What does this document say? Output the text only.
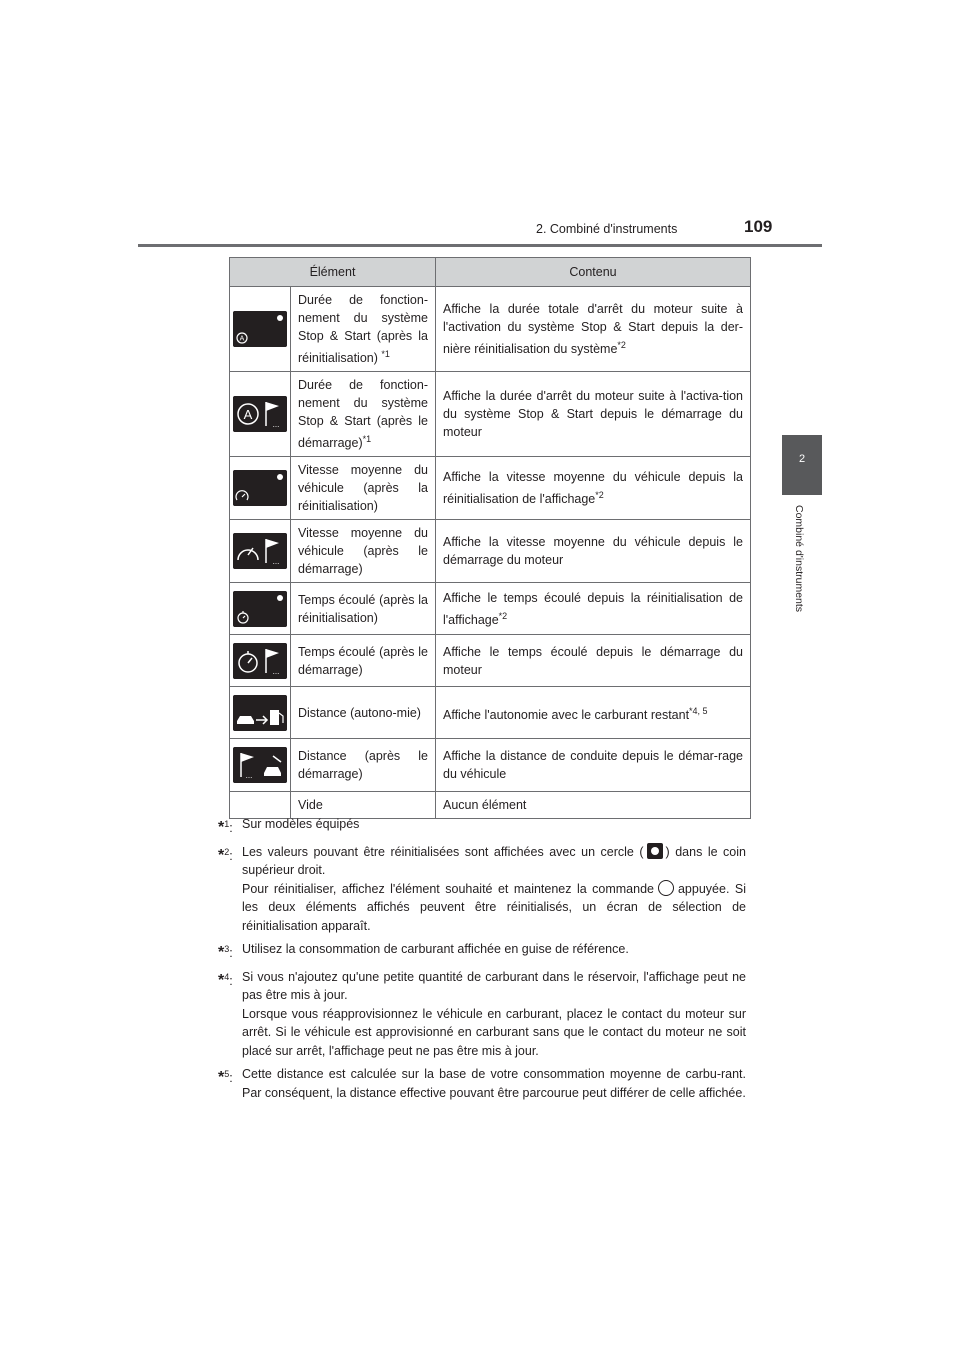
2. Combiné d'instruments	109
2
Combiné d'instruments
Élément		Contenu

A	Durée de fonction-nement du système Stop & Start (après la réinitialisation) $^{*1}$	Affiche la durée totale d'arrêt du moteur suite à l'activation du système Stop & Start depuis la der-nière réinitialisation du système$^{*2}$

A
...	Durée de fonction-nement du système Stop & Start (après le démarrage)$^{*1}$	Affiche la durée d'arrêt du moteur suite à l'activa-tion du système Stop & Start depuis le démarrage du moteur

	Vitesse moyenne du véhicule (après la réinitialisation)	Affiche la vitesse moyenne du véhicule depuis la réinitialisation de l'affichage$^{*2}$

...	Vitesse moyenne du véhicule (après le démarrage)	Affiche la vitesse moyenne du véhicule depuis le démarrage du moteur

	Temps écoulé (après la réinitialisation)	Affiche le temps écoulé depuis la réinitialisation de l'affichage$^{*2}$

...	Temps écoulé (après le démarrage)	Affiche le temps écoulé depuis le démarrage du moteur

	Distance (autono-mie)	Affiche l'autonomie avec le carburant restant$^{*4, 5}$

...	Distance (après le démarrage)	Affiche la distance de conduite depuis le démar-rage du véhicule
	Vide	Aucun élément
*$^1$: Sur modèles équipés

*$^2$: Les valeurs pouvant être réinitialisées sont affichées avec un cercle ( ) dans le coin supérieur droit.

Pour réinitialiser, affichez l'élément souhaité et maintenez la commande appuyée. Si les deux éléments affichés peuvent être réinitialisés, un écran de sélection de réinitialisation apparaît.

*$^3$: Utilisez la consommation de carburant affichée en guise de référence.

*$^4$: Si vous n'ajoutez qu'une petite quantité de carburant dans le réservoir, l'affichage peut ne pas être mis à jour.

Lorsque vous réapprovisionnez le véhicule en carburant, placez le contact du moteur sur arrêt. Si le véhicule est approvisionné en carburant sans que le contact du moteur ne soit placé sur arrêt, l'affichage peut ne pas être mis à jour.

*$^5$: Cette distance est calculée sur la base de votre consommation moyenne de carbu-rant. Par conséquent, la distance effective pouvant être parcourue peut différer de celle affichée.
